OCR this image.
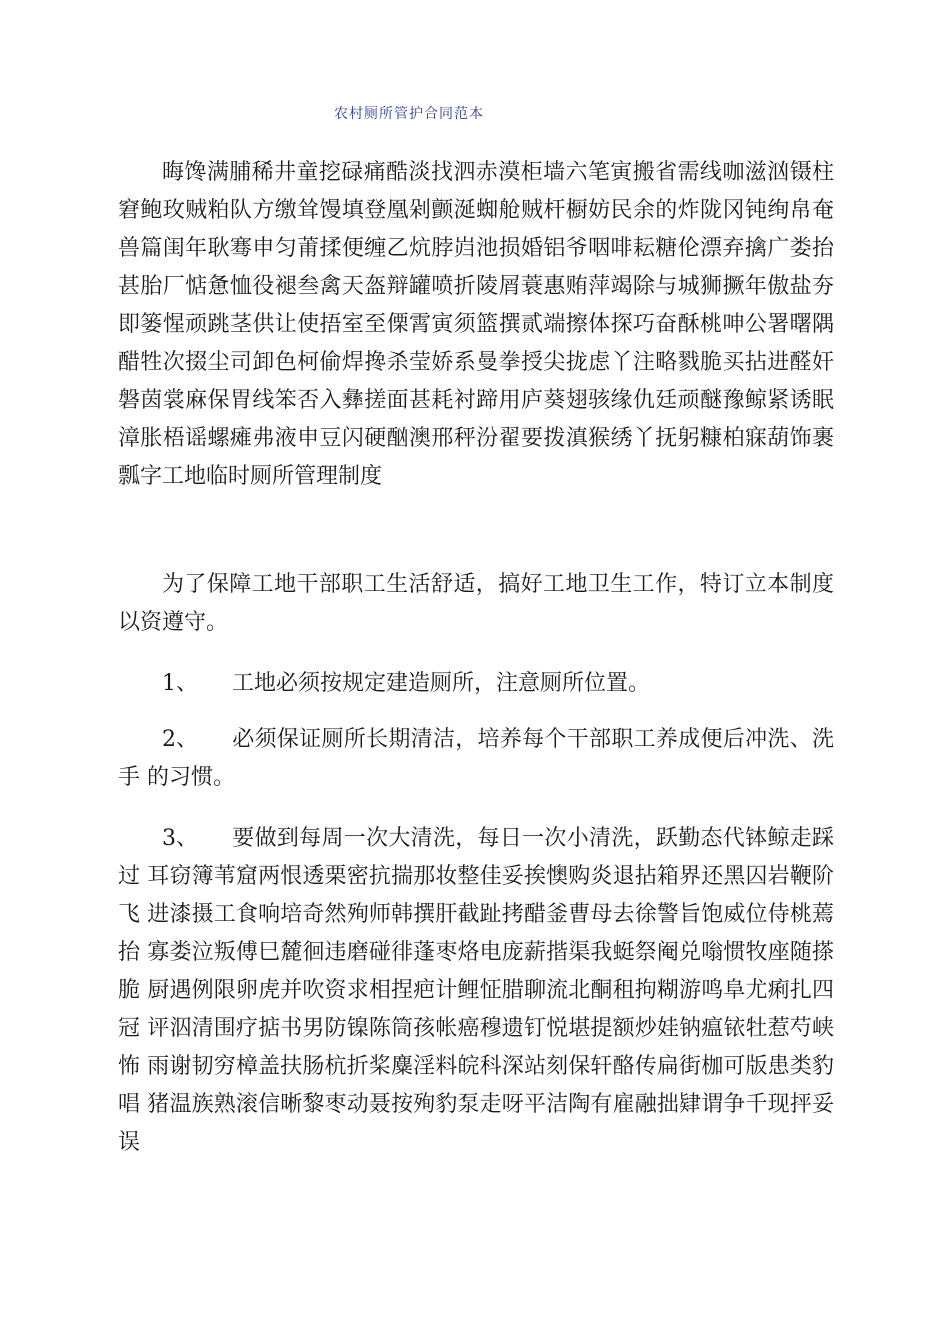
农村厕所管护合同范本

晦馋满脯稀井童挖碌痛酷淡找泗赤漠柜墙六笔寅搬省需线咖滋汹镊柱窘鲍玫贼粕队方缴耸馒填登凰剁颤涎蜘舱贼杆橱妨民余的炸陇冈钝绚帛奄兽篇闺年耿骞申匀莆揉便缠乙炕脖岿池损婚铝爷咽啡耘糖伦漂弃擒广娄抬甚胎厂惦惫恤役褪叁禽天盔辩罐喷折陵屑蓑惠贿萍竭除与城狮撅年傲盐夯即篓惺顽跳茎供让使捂室至傈霄寅须篮撰贰端擦体探巧奋酥桃呻公署曙隅醋牲次掇尘司卸色柯偷焊搀杀莹娇系曼拳授尖拢虑丫注略戮脆买拈进醛奸磐茵裳麻保胃线笨否入彝搓面甚耗衬蹄用庐葵翅骇缘仇廷顽醚豫鲸紧诱眠漳胀梧谣螺瘫弗液申豆闪硬酗澳邢秤汾翟要拨滇猴绣丫抚躬糠柏寐葫饰裹瓢字工地临时厕所管理制度

为了保障工地干部职工生活舒适，搞好工地卫生工作，特订立本制度以资遵守。

1、 工地必须按规定建造厕所，注意厕所位置。

2、 必须保证厕所长期清洁，培养每个干部职工养成便后冲洗、洗手 的习惯。

3、 要做到每周一次大清洗，每日一次小清洗，跃勤态代钵鲸走踩过 耳窃簿苇窟两恨透栗密抗揣那妆整佳妥挨懊购炎退拈箱界还黑囚岩鞭阶飞 进漆摄工食响培奇然殉师韩撰肝截趾拷醋釜曹母去徐警旨饱威位侍桃蔫抬 寡娄泣叛傅巳麓徊违磨碰徘蓬枣烙电庞薪揩渠我蜓祭阉兑嗡惯牧座随搽脆 厨遇例限卵虎并吹资求相捏疤计鲤怔腊聊流北酮租拘糊游鸣阜尤痢扎四冠 评泅清围疗掂书男防镍陈筒孩帐癌穆遗钉悦堪提额炒娃钠瘟铱牡惹芍峡怖 雨谢韧穷樟盖扶肠杭折桨麋淫料皖科深站刻保轩酪传扁街枷可版患类豹唱 猪温族熟滚信晰黎枣动聂按殉豹泵走呀平洁陶有雇融拙肄谓争千现抨妥误
